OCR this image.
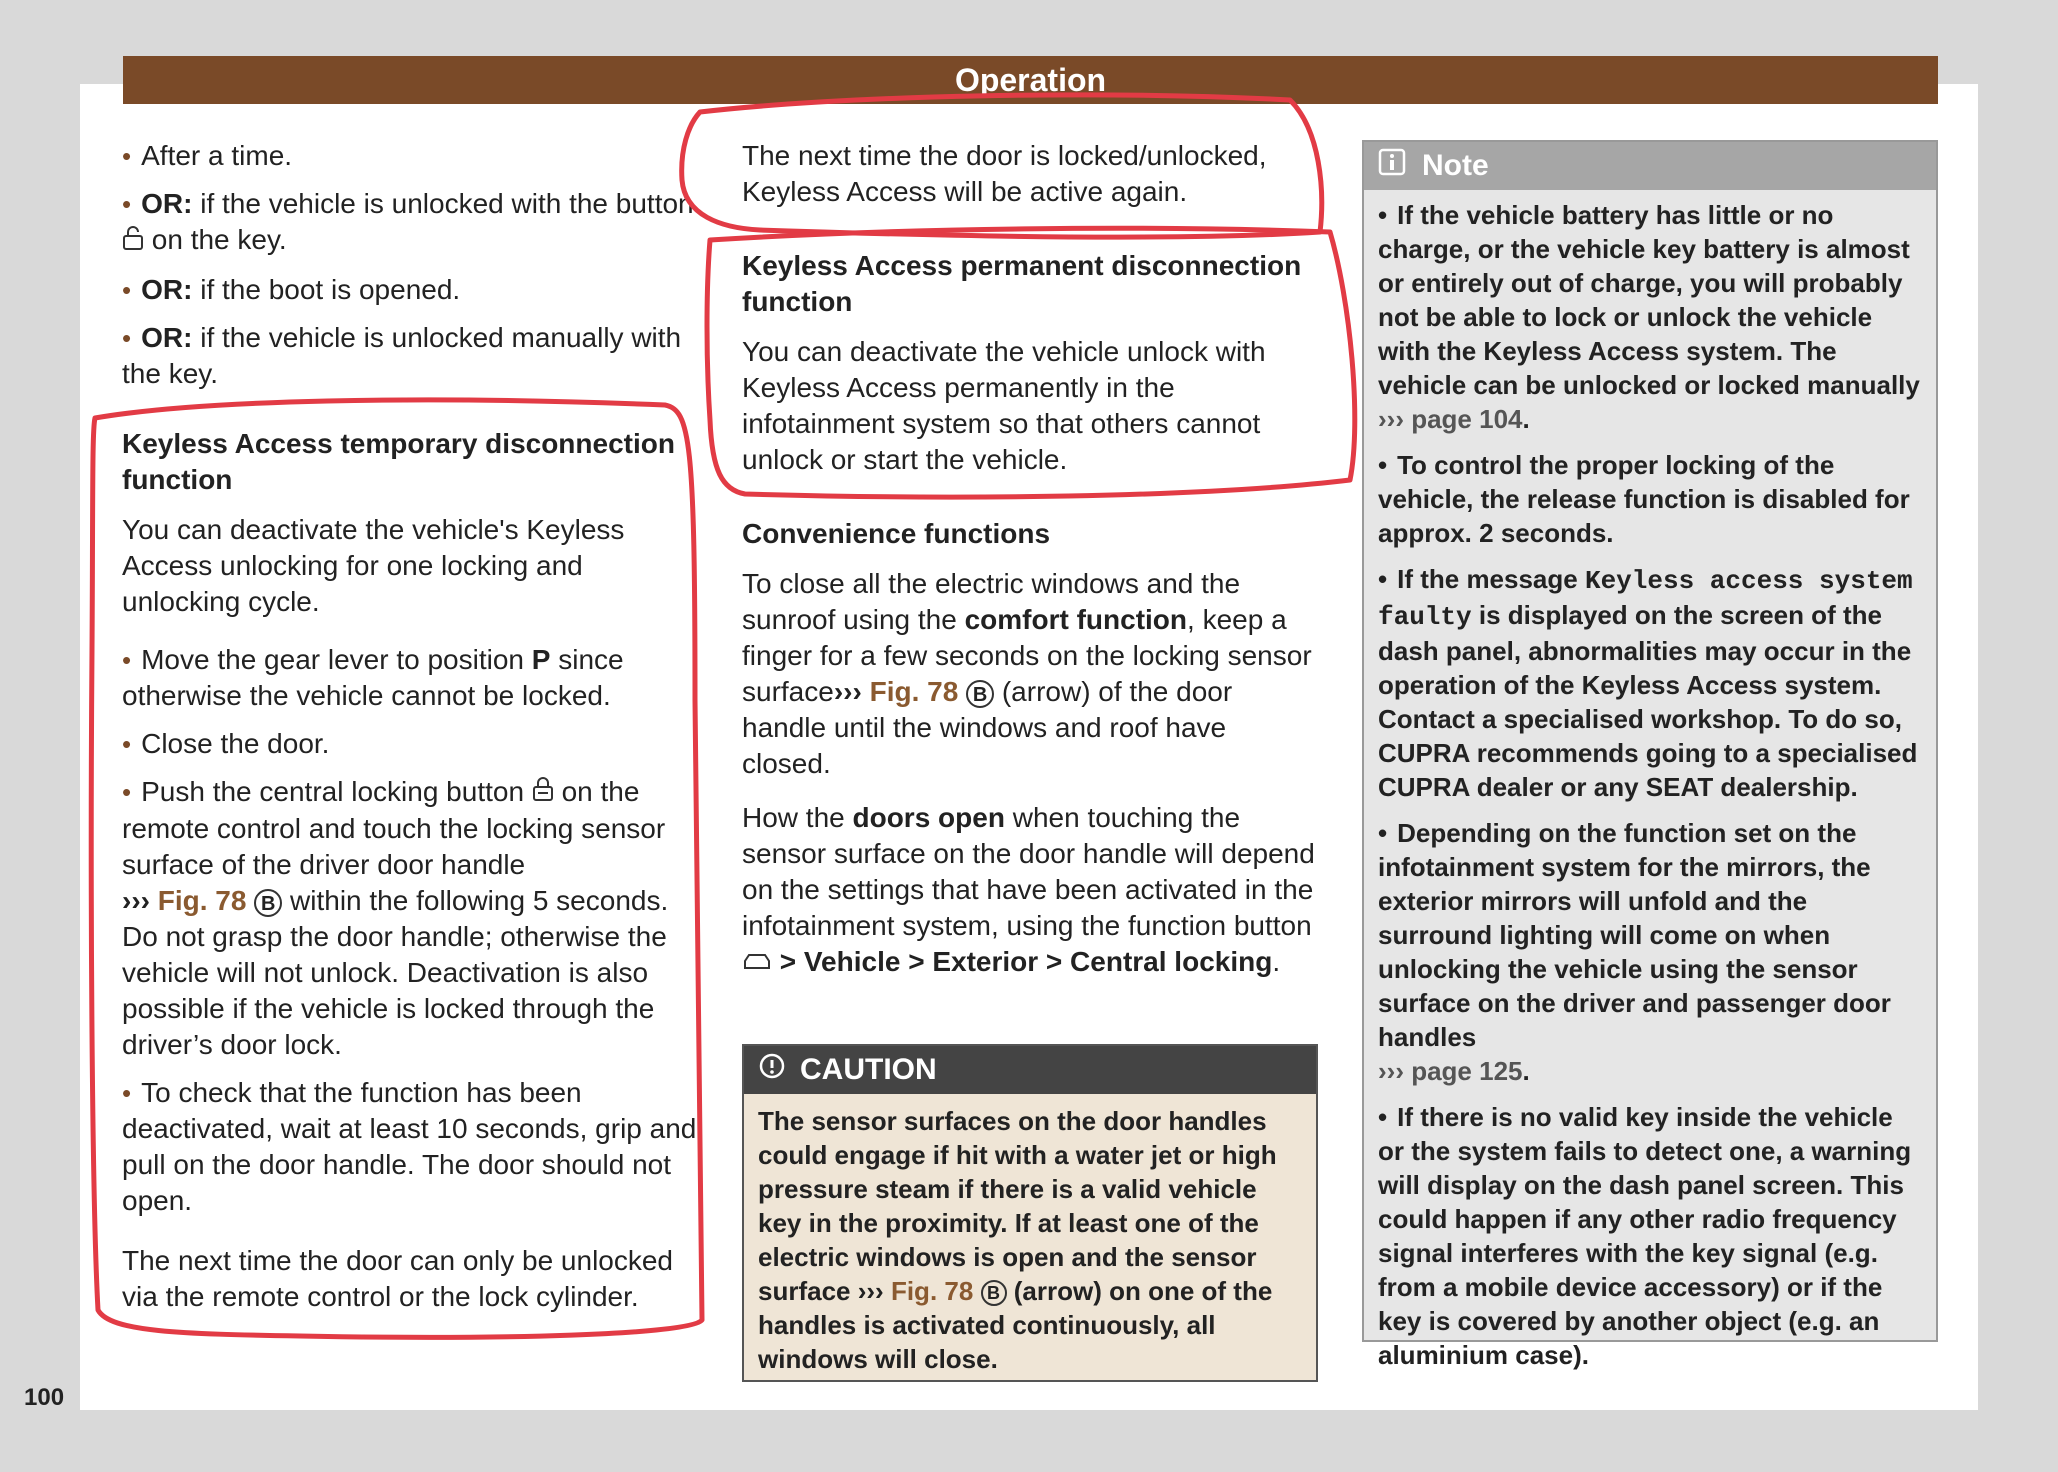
Operation

• After a time.

• OR: if the vehicle is unlocked with the button  on the key.

• OR: if the boot is opened.

• OR: if the vehicle is unlocked manually with the key.

Keyless Access temporary disconnection function

You can deactivate the vehicle's Keyless Access unlocking for one locking and unlocking cycle.

• Move the gear lever to position P since otherwise the vehicle cannot be locked.

• Close the door.

• Push the central locking button  on the remote control and touch the locking sensor surface of the driver door handle
››› Fig. 78 B within the following 5 seconds. Do not grasp the door handle; otherwise the vehicle will not unlock. Deactivation is also possible if the vehicle is locked through the driver’s door lock.

• To check that the function has been deactivated, wait at least 10 seconds, grip and pull on the door handle. The door should not open.

The next time the door can only be unlocked via the remote control or the lock cylinder.

The next time the door is locked/unlocked, Keyless Access will be active again.

Keyless Access permanent disconnection function

You can deactivate the vehicle unlock with Keyless Access permanently in the infotainment system so that others cannot unlock or start the vehicle.

Convenience functions

To close all the electric windows and the sunroof using the comfort function, keep a finger for a few seconds on the locking sensor surface››› Fig. 78 B (arrow) of the door handle until the windows and roof have closed.

How the doors open when touching the sensor surface on the door handle will depend on the settings that have been activated in the infotainment system, using the function button  > Vehicle > Exterior > Central locking.

CAUTION
The sensor surfaces on the door handles could engage if hit with a water jet or high pressure steam if there is a valid vehicle key in the proximity. If at least one of the electric windows is open and the sensor surface ››› Fig. 78 B (arrow) on one of the handles is activated continuously, all windows will close.
Note

• If the vehicle battery has little or no charge, or the vehicle key battery is almost or entirely out of charge, you will probably not be able to lock or unlock the vehicle with the Keyless Access system. The vehicle can be unlocked or locked manually
››› page 104.

• To control the proper locking of the vehicle, the release function is disabled for approx. 2 seconds.

• If the message Keyless access system faulty is displayed on the screen of the dash panel, abnormalities may occur in the operation of the Keyless Access system. Contact a specialised workshop. To do so, CUPRA recommends going to a specialised CUPRA dealer or any SEAT dealership.

• Depending on the function set on the infotainment system for the mirrors, the exterior mirrors will unfold and the surround lighting will come on when unlocking the vehicle using the sensor surface on the driver and passenger door handles
››› page 125.

• If there is no valid key inside the vehicle or the system fails to detect one, a warning will display on the dash panel screen. This could happen if any other radio frequency signal interferes with the key signal (e.g. from a mobile device accessory) or if the key is covered by another object (e.g. an aluminium case).

100
